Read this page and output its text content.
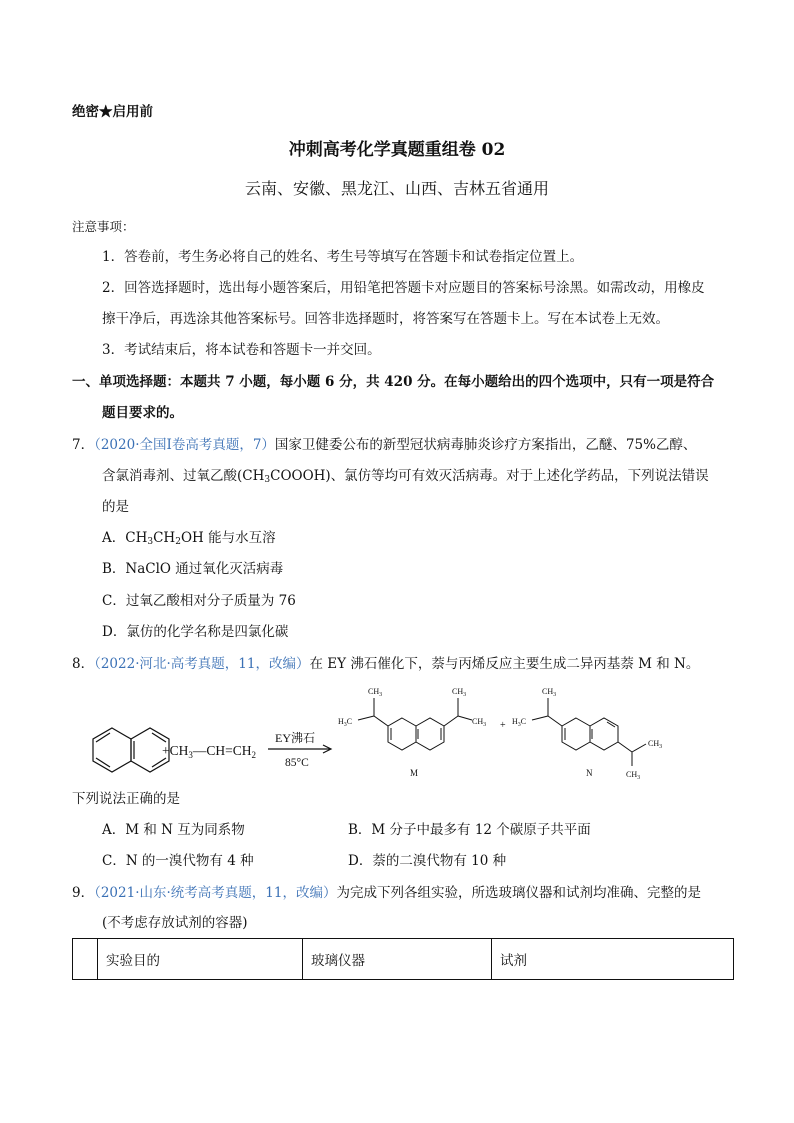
绝密★启用前
冲刺高考化学真题重组卷 02
云南、安徽、黑龙江、山西、吉林五省通用
注意事项：
1．答卷前，考生务必将自己的姓名、考生号等填写在答题卡和试卷指定位置上。
2．回答选择题时，选出每小题答案后，用铅笔把答题卡对应题目的答案标号涂黑。如需改动，用橡皮
擦干净后，再选涂其他答案标号。回答非选择题时，将答案写在答题卡上。写在本试卷上无效。
3．考试结束后，将本试卷和答题卡一并交回。
一、单项选择题：本题共 7 小题，每小题 6 分，共 420 分。在每小题给出的四个选项中，只有一项是符合
题目要求的。
7．（2020·全国Ⅰ卷高考真题，7）国家卫健委公布的新型冠状病毒肺炎诊疗方案指出，乙醚、75%乙醇、
含氯消毒剂、过氧乙酸$(CH_3COOOH)$、氯仿等均可有效灭活病毒。对于上述化学药品，下列说法错误
的是
A．$CH_3CH_2OH$ 能与水互溶
B．NaClO 通过氧化灭活病毒
C．过氧乙酸相对分子质量为 76
D．氯仿的化学名称是四氯化碳
8．（2022·河北·高考真题，11，改编）在 EY 沸石催化下，萘与丙烯反应主要生成二异丙基萘 M 和 N。
$+CH_3—CH=CH_2$
EY沸石
85°C
$CH_3$
$H_3C$
$CH_3$
$CH_3$
M
+
$CH_3$
$H_3C$
$CH_3$
$CH_3$
N
下列说法正确的是
A．M 和 N 互为同系物	B．M 分子中最多有 12 个碳原子共平面
C．N 的一溴代物有 4 种	D．萘的二溴代物有 10 种
9．（2021·山东·统考高考真题，11，改编）为完成下列各组实验，所选玻璃仪器和试剂均准确、完整的是
(不考虑存放试剂的容器)
	实验目的	玻璃仪器	试剂
